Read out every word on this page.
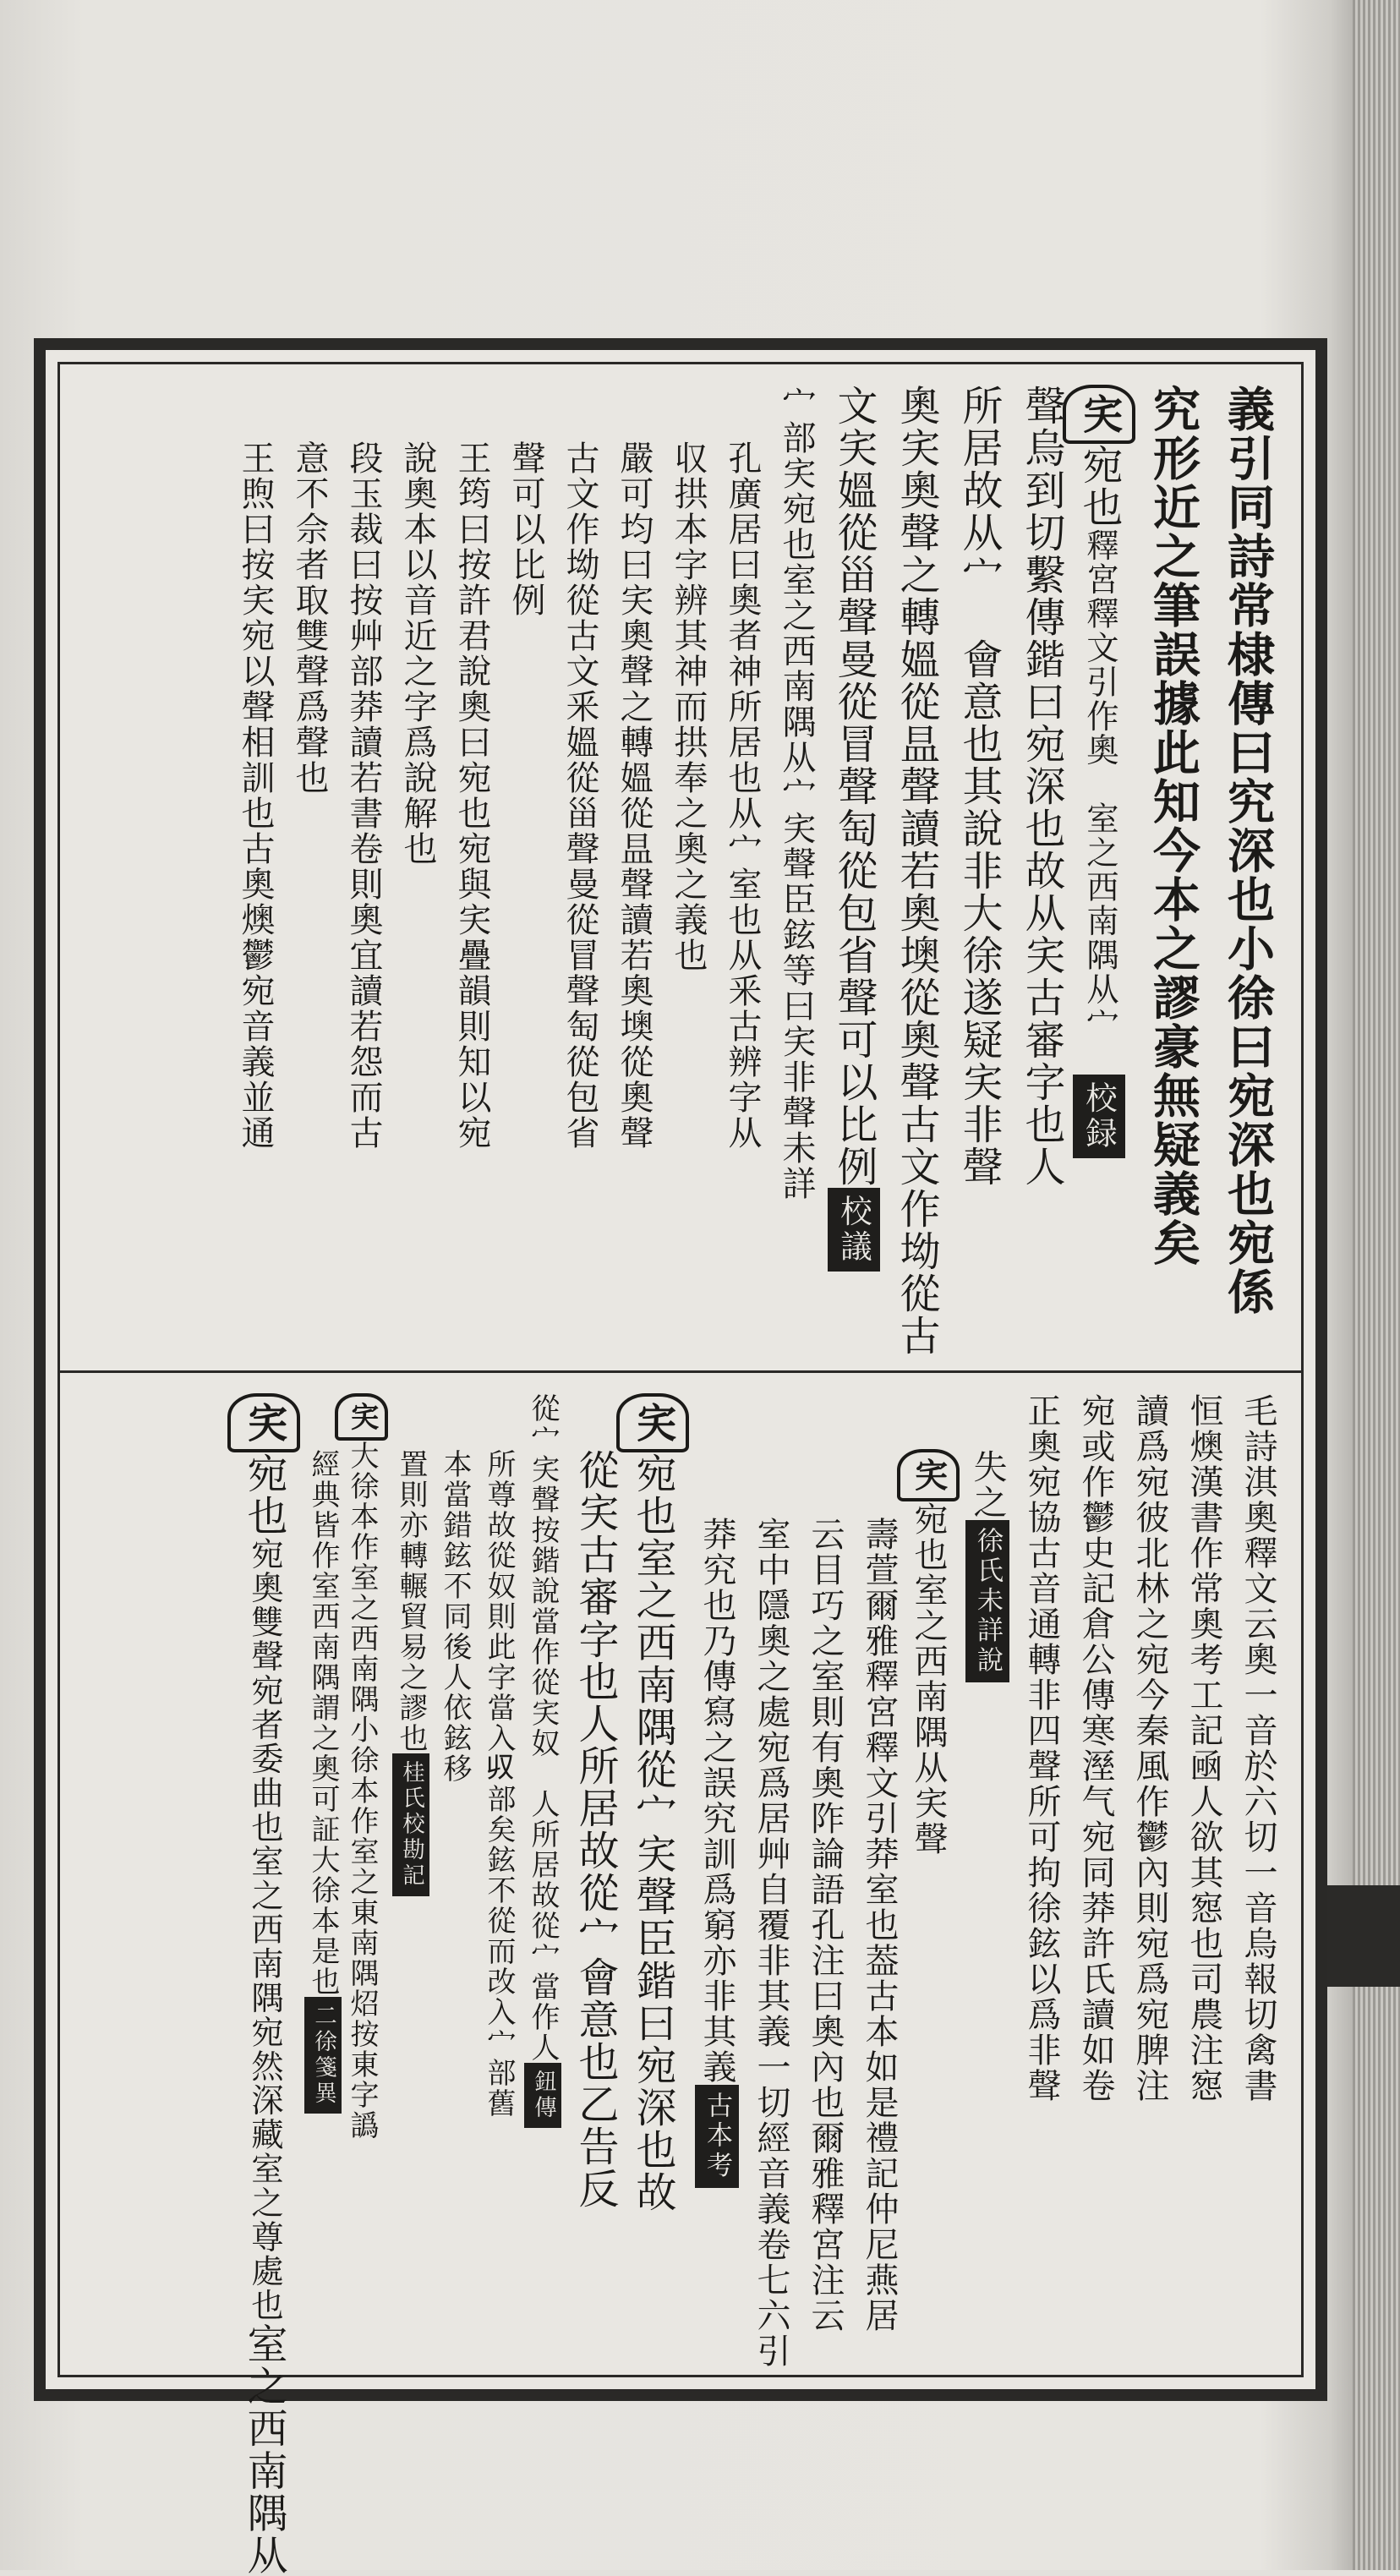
義引同詩常棣傳曰究深也小徐曰宛深也宛係
究形近之筆誤據此知今本之謬豪無疑義矣
宎宛也釋宮釋文引作奧　室之西南隅从宀　校録
聲烏到切繫傳鍇曰宛深也故从宎古審字也人
所居故从宀　會意也其說非大徐遂疑宎非聲
奧宎奧聲之轉媼從昷聲讀若奧墺從奧聲古文作坳從古
文宎媼從甾聲曼從冒聲匋從包省聲可以比例校議
宀部宎宛也室之西南隅从宀宎聲臣鉉等曰宎非聲未詳
孔廣居曰奧者神所居也从宀室也从釆古辨字从
収拱本字辨其神而拱奉之奧之義也
嚴可均曰宎奧聲之轉媼從昷聲讀若奧墺從奧聲
古文作坳從古文釆媼從甾聲曼從冒聲匋從包省
聲可以比例
王筠曰按許君說奧曰宛也宛與宎疊韻則知以宛
說奧本以音近之字爲說解也
段玉裁曰按艸部莽讀若書卷則奧宜讀若怨而古
意不佘者取雙聲爲聲也
王煦曰按宎宛以聲相訓也古奧燠鬱宛音義並通
毛詩淇奧釋文云奧一音於六切一音烏報切禽書
恒燠漢書作常奧考工記凾人欲其惌也司農注惌
讀爲宛彼北林之宛今秦風作鬱內則宛爲宛脾注
宛或作鬱史記倉公傳寒溼气宛同莽許氏讀如卷
正奧宛協古音通轉非四聲所可拘徐鉉以爲非聲
失之徐氏未詳說
宎宛也室之西南隅从宎聲
壽萱爾雅釋宮釋文引莽室也葢古本如是禮記仲尼燕居
云目巧之室則有奧阼論語孔注曰奧內也爾雅釋宮注云
室中隱奧之處宛爲居艸自覆非其義一切經音義卷七六引
莽究也乃傳寫之誤究訓爲窮亦非其義古本考
宎宛也室之西南隅從宀宎聲臣鍇曰宛深也故
從宎古審字也人所居故從宀會意也乙告反
從宀宎聲按鍇說當作從宎奴　人所居故從宀當作人鈕傳
所尊故從奴則此字當入𠬞部矣鉉不從而改入宀部舊
本當錯鉉不同後人依鉉移
置則亦轉輾貿易之謬也桂氏校勘記
宎大徐本作室之西南隅小徐本作室之東南隅炤按東字譌
經典皆作室西南隅謂之奧可証大徐本是也二徐箋異
宎宛也宛奧雙聲宛者委曲也室之西南隅宛然深藏室之尊處也室之西南隅从
